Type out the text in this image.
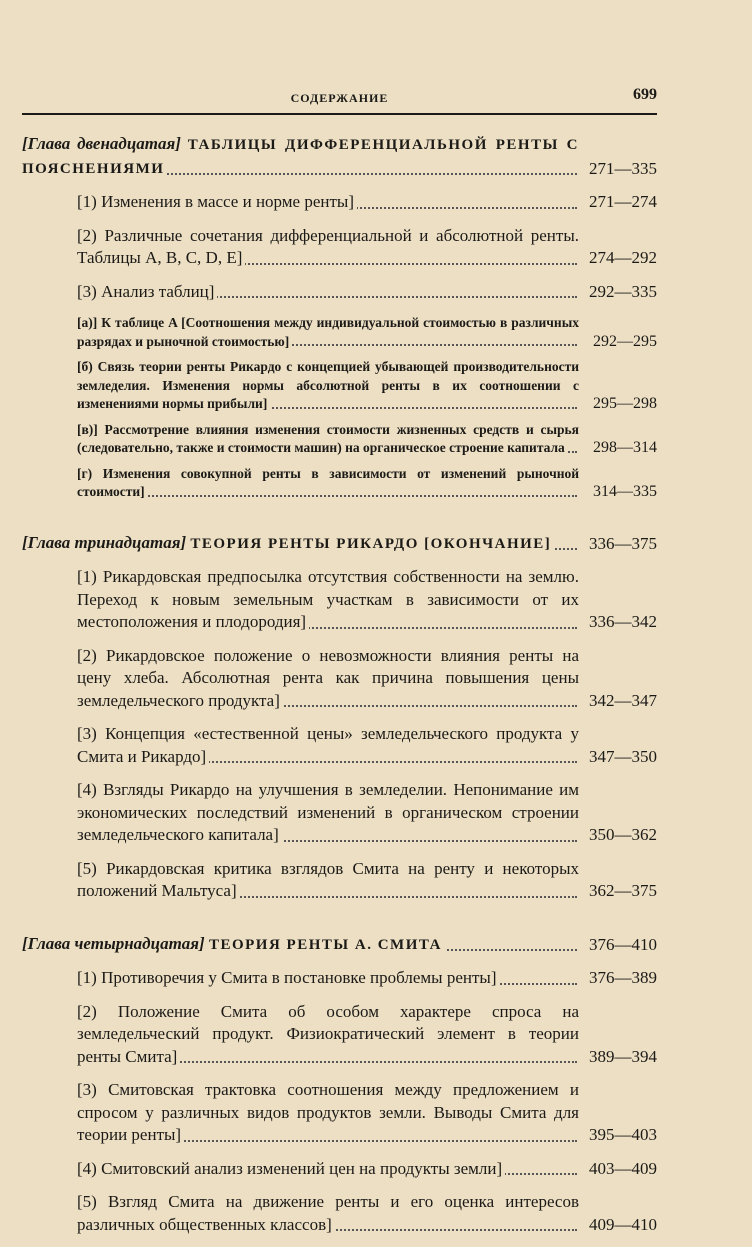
СОДЕРЖАНИЕ	699
[Глава двенадцатая] ТАБЛИЦЫ ДИФФЕРЕНЦИАЛЬНОЙ РЕНТЫ С ПОЯСНЕНИЯМИ	271—335
[1) Изменения в массе и норме ренты]	271—274
[2) Различные сочетания дифференциальной и абсолютной ренты. Таблицы A, B, C, D, E]	274—292
[3) Анализ таблиц]	292—335
[а)] К таблице A [Соотношения между индивидуальной стоимостью в различных разрядах и рыночной стоимостью]	292—295
[б) Связь теории ренты Рикардо с концепцией убывающей производительности земледелия. Изменения нормы абсолютной ренты в их соотношении с изменениями нормы прибыли]	295—298
[в)] Рассмотрение влияния изменения стоимости жизненных средств и сырья (следовательно, также и стоимости машин) на органическое строение капитала 298—314
[г) Изменения совокупной ренты в зависимости от изменений рыночной стоимости]	314—335
[Глава тринадцатая] ТЕОРИЯ РЕНТЫ РИКАРДО [ОКОНЧАНИЕ] 336—375
[1) Рикардовская предпосылка отсутствия собственности на землю. Переход к новым земельным участкам в зависимости от их местоположения и плодородия]	336—342
[2) Рикардовское положение о невозможности влияния ренты на цену хлеба. Абсолютная рента как причина повышения цены земледельческого продукта]	342—347
[3) Концепция «естественной цены» земледельческого продукта у Смита и Рикардо]	347—350
[4) Взгляды Рикардо на улучшения в земледелии. Непонимание им экономических последствий изменений в органическом строении земледельческого капитала]	350—362
[5) Рикардовская критика взглядов Смита на ренту и некоторых положений Мальтуса]	362—375
[Глава четырнадцатая] ТЕОРИЯ РЕНТЫ А. СМИТА	376—410
[1) Противоречия у Смита в постановке проблемы ренты]	376—389
[2) Положение Смита об особом характере спроса на земледельческий продукт. Физиократический элемент в теории ренты Смита]	389—394
[3) Смитовская трактовка соотношения между предложением и спросом у различных видов продуктов земли. Выводы Смита для теории ренты]	395—403
[4) Смитовский анализ изменений цен на продукты земли]	403—409
[5) Взгляд Смита на движение ренты и его оценка интересов различных общественных классов]	409—410
